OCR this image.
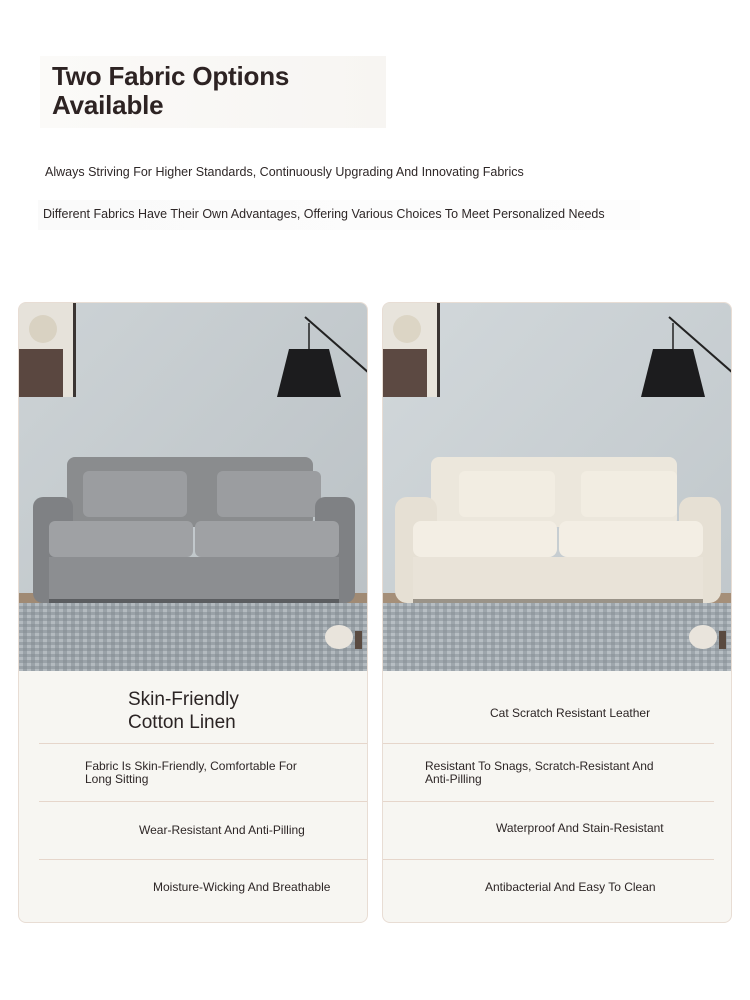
Two Fabric Options
Available
Always Striving For Higher Standards, Continuously Upgrading And Innovating Fabrics
Different Fabrics Have Their Own Advantages, Offering Various Choices To Meet Personalized Needs
Skin-Friendly
Cotton Linen
Fabric Is Skin-Friendly, Comfortable For Long Sitting
Wear-Resistant And Anti-Pilling
Moisture-Wicking And Breathable
Cat Scratch Resistant Leather
Resistant To Snags, Scratch-Resistant And Anti-Pilling
Waterproof And Stain-Resistant
Antibacterial And Easy To Clean
